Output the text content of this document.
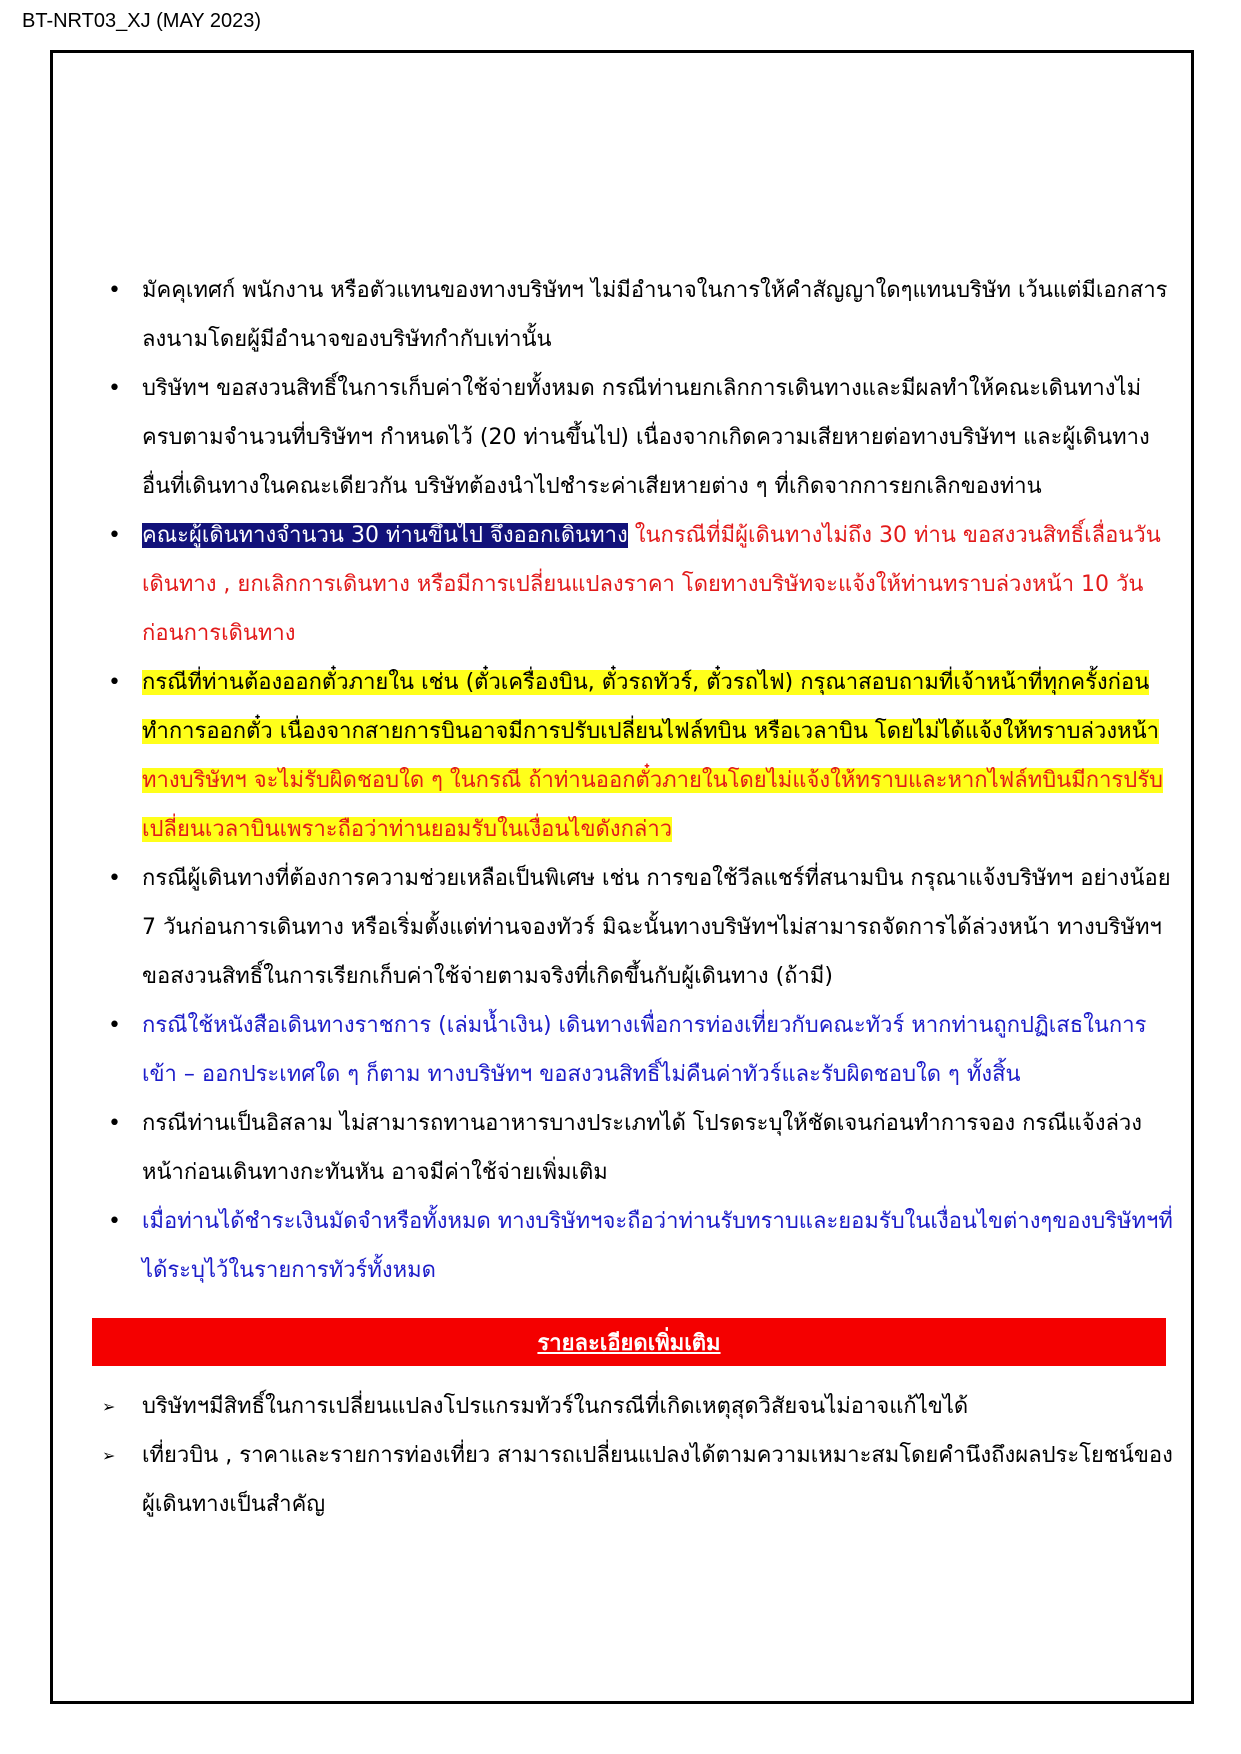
BT-NRT03_XJ (MAY 2023)
• มัคคุเทศก์ พนักงาน หรือตัวแทนของทางบริษัทฯ ไม่มีอำนาจในการให้คำสัญญาใดๆแทนบริษัท เว้นแต่มีเอกสารลงนามโดยผู้มีอำนาจของบริษัทกำกับเท่านั้น
• บริษัทฯ ขอสงวนสิทธิ์ในการเก็บค่าใช้จ่ายทั้งหมด กรณีท่านยกเลิกการเดินทางและมีผลทำให้คณะเดินทางไม่ครบตามจำนวนที่บริษัทฯ กำหนดไว้ (20 ท่านขึ้นไป) เนื่องจากเกิดความเสียหายต่อทางบริษัทฯ และผู้เดินทางอื่นที่เดินทางในคณะเดียวกัน บริษัทต้องนำไปชำระค่าเสียหายต่าง ๆ ที่เกิดจากการยกเลิกของท่าน
• คณะผู้เดินทางจำนวน 30 ท่านขึ้นไป จึงออกเดินทาง ในกรณีที่มีผู้เดินทางไม่ถึง 30 ท่าน ขอสงวนสิทธิ์เลื่อนวันเดินทาง , ยกเลิกการเดินทาง หรือมีการเปลี่ยนแปลงราคา โดยทางบริษัทจะแจ้งให้ท่านทราบล่วงหน้า 10 วันก่อนการเดินทาง
• กรณีที่ท่านต้องออกตั๋วภายใน เช่น (ตั๋วเครื่องบิน, ตั๋วรถทัวร์, ตั๋วรถไฟ) กรุณาสอบถามที่เจ้าหน้าที่ทุกครั้งก่อนทำการออกตั๋ว เนื่องจากสายการบินอาจมีการปรับเปลี่ยนไฟล์ทบิน หรือเวลาบิน โดยไม่ได้แจ้งให้ทราบล่วงหน้า ทางบริษัทฯ จะไม่รับผิดชอบใด ๆ ในกรณี ถ้าท่านออกตั๋วภายในโดยไม่แจ้งให้ทราบและหากไฟล์ทบินมีการปรับเปลี่ยนเวลาบินเพราะถือว่าท่านยอมรับในเงื่อนไขดังกล่าว
• กรณีผู้เดินทางที่ต้องการความช่วยเหลือเป็นพิเศษ เช่น การขอใช้วีลแชร์ที่สนามบิน กรุณาแจ้งบริษัทฯ อย่างน้อย 7 วันก่อนการเดินทาง หรือเริ่มตั้งแต่ท่านจองทัวร์ มิฉะนั้นทางบริษัทฯไม่สามารถจัดการได้ล่วงหน้า ทางบริษัทฯขอสงวนสิทธิ์ในการเรียกเก็บค่าใช้จ่ายตามจริงที่เกิดขึ้นกับผู้เดินทาง (ถ้ามี)
• กรณีใช้หนังสือเดินทางราชการ (เล่มน้ำเงิน) เดินทางเพื่อการท่องเที่ยวกับคณะทัวร์ หากท่านถูกปฏิเสธในการเข้า – ออกประเทศใด ๆ ก็ตาม ทางบริษัทฯ ขอสงวนสิทธิ์ไม่คืนค่าทัวร์และรับผิดชอบใด ๆ ทั้งสิ้น
• กรณีท่านเป็นอิสลาม ไม่สามารถทานอาหารบางประเภทได้ โปรดระบุให้ชัดเจนก่อนทำการจอง กรณีแจ้งล่วงหน้าก่อนเดินทางกะทันหัน อาจมีค่าใช้จ่ายเพิ่มเติม
• เมื่อท่านได้ชำระเงินมัดจำหรือทั้งหมด ทางบริษัทฯจะถือว่าท่านรับทราบและยอมรับในเงื่อนไขต่างๆของบริษัทฯที่ได้ระบุไว้ในรายการทัวร์ทั้งหมด
รายละเอียดเพิ่มเติม
➢ บริษัทฯมีสิทธิ์ในการเปลี่ยนแปลงโปรแกรมทัวร์ในกรณีที่เกิดเหตุสุดวิสัยจนไม่อาจแก้ไขได้
➢ เที่ยวบิน , ราคาและรายการท่องเที่ยว สามารถเปลี่ยนแปลงได้ตามความเหมาะสมโดยคำนึงถึงผลประโยชน์ของผู้เดินทางเป็นสำคัญ
